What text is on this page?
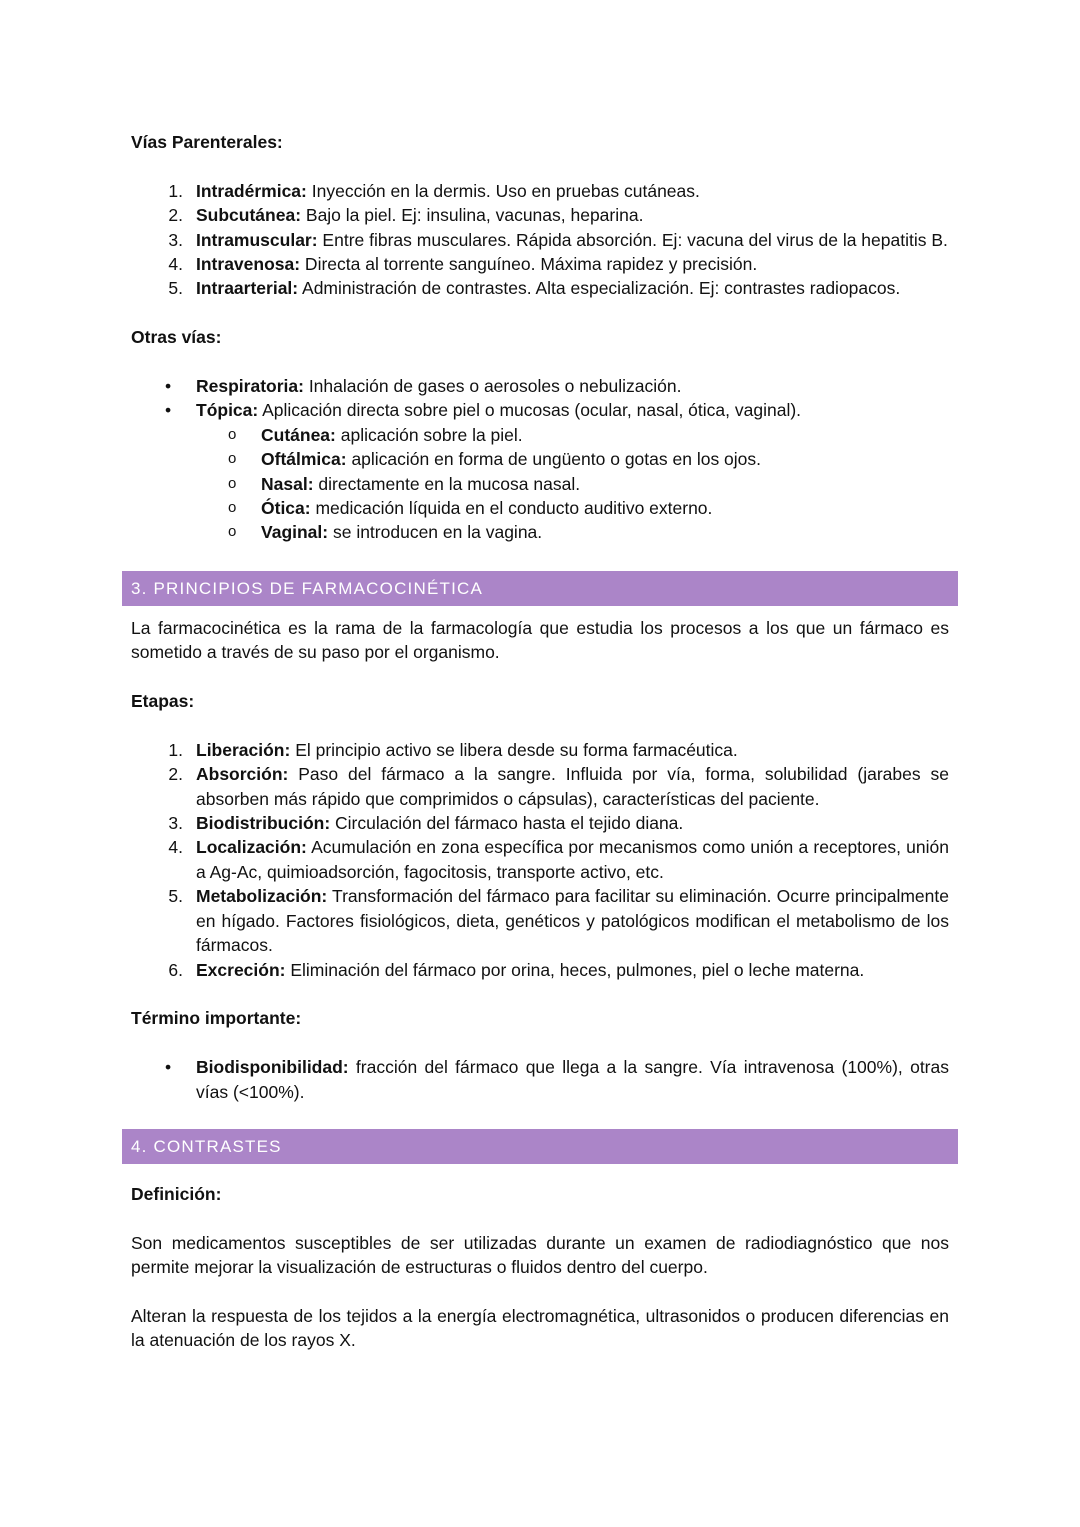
Vías Parenterales:

1. Intradérmica: Inyección en la dermis. Uso en pruebas cutáneas.
2. Subcutánea: Bajo la piel. Ej: insulina, vacunas, heparina.
3. Intramuscular: Entre fibras musculares. Rápida absorción. Ej: vacuna del virus de la hepatitis B.
4. Intravenosa: Directa al torrente sanguíneo. Máxima rapidez y precisión.
5. Intraarterial: Administración de contrastes. Alta especialización. Ej: contrastes radiopacos.

Otras vías:

• Respiratoria: Inhalación de gases o aerosoles o nebulización.
• Tópica: Aplicación directa sobre piel o mucosas (ocular, nasal, ótica, vaginal).
o Cutánea: aplicación sobre la piel.
o Oftálmica: aplicación en forma de ungüento o gotas en los ojos.
o Nasal: directamente en la mucosa nasal.
o Ótica: medicación líquida en el conducto auditivo externo.
o Vaginal: se introducen en la vagina.
3. PRINCIPIOS DE FARMACOCINÉTICA

La farmacocinética es la rama de la farmacología que estudia los procesos a los que un fármaco es sometido a través de su paso por el organismo.

Etapas:

1. Liberación: El principio activo se libera desde su forma farmacéutica.
2. Absorción: Paso del fármaco a la sangre. Influida por vía, forma, solubilidad (jarabes se absorben más rápido que comprimidos o cápsulas), características del paciente.
3. Biodistribución: Circulación del fármaco hasta el tejido diana.
4. Localización: Acumulación en zona específica por mecanismos como unión a receptores, unión a Ag-Ac, quimioadsorción, fagocitosis, transporte activo, etc.
5. Metabolización: Transformación del fármaco para facilitar su eliminación. Ocurre principalmente en hígado. Factores fisiológicos, dieta, genéticos y patológicos modifican el metabolismo de los fármacos.
6. Excreción: Eliminación del fármaco por orina, heces, pulmones, piel o leche materna.

Término importante:

• Biodisponibilidad: fracción del fármaco que llega a la sangre. Vía intravenosa (100%), otras vías (<100%).
4. CONTRASTES

Definición:

Son medicamentos susceptibles de ser utilizadas durante un examen de radiodiagnóstico que nos permite mejorar la visualización de estructuras o fluidos dentro del cuerpo.

Alteran la respuesta de los tejidos a la energía electromagnética, ultrasonidos o producen diferencias en la atenuación de los rayos X.
